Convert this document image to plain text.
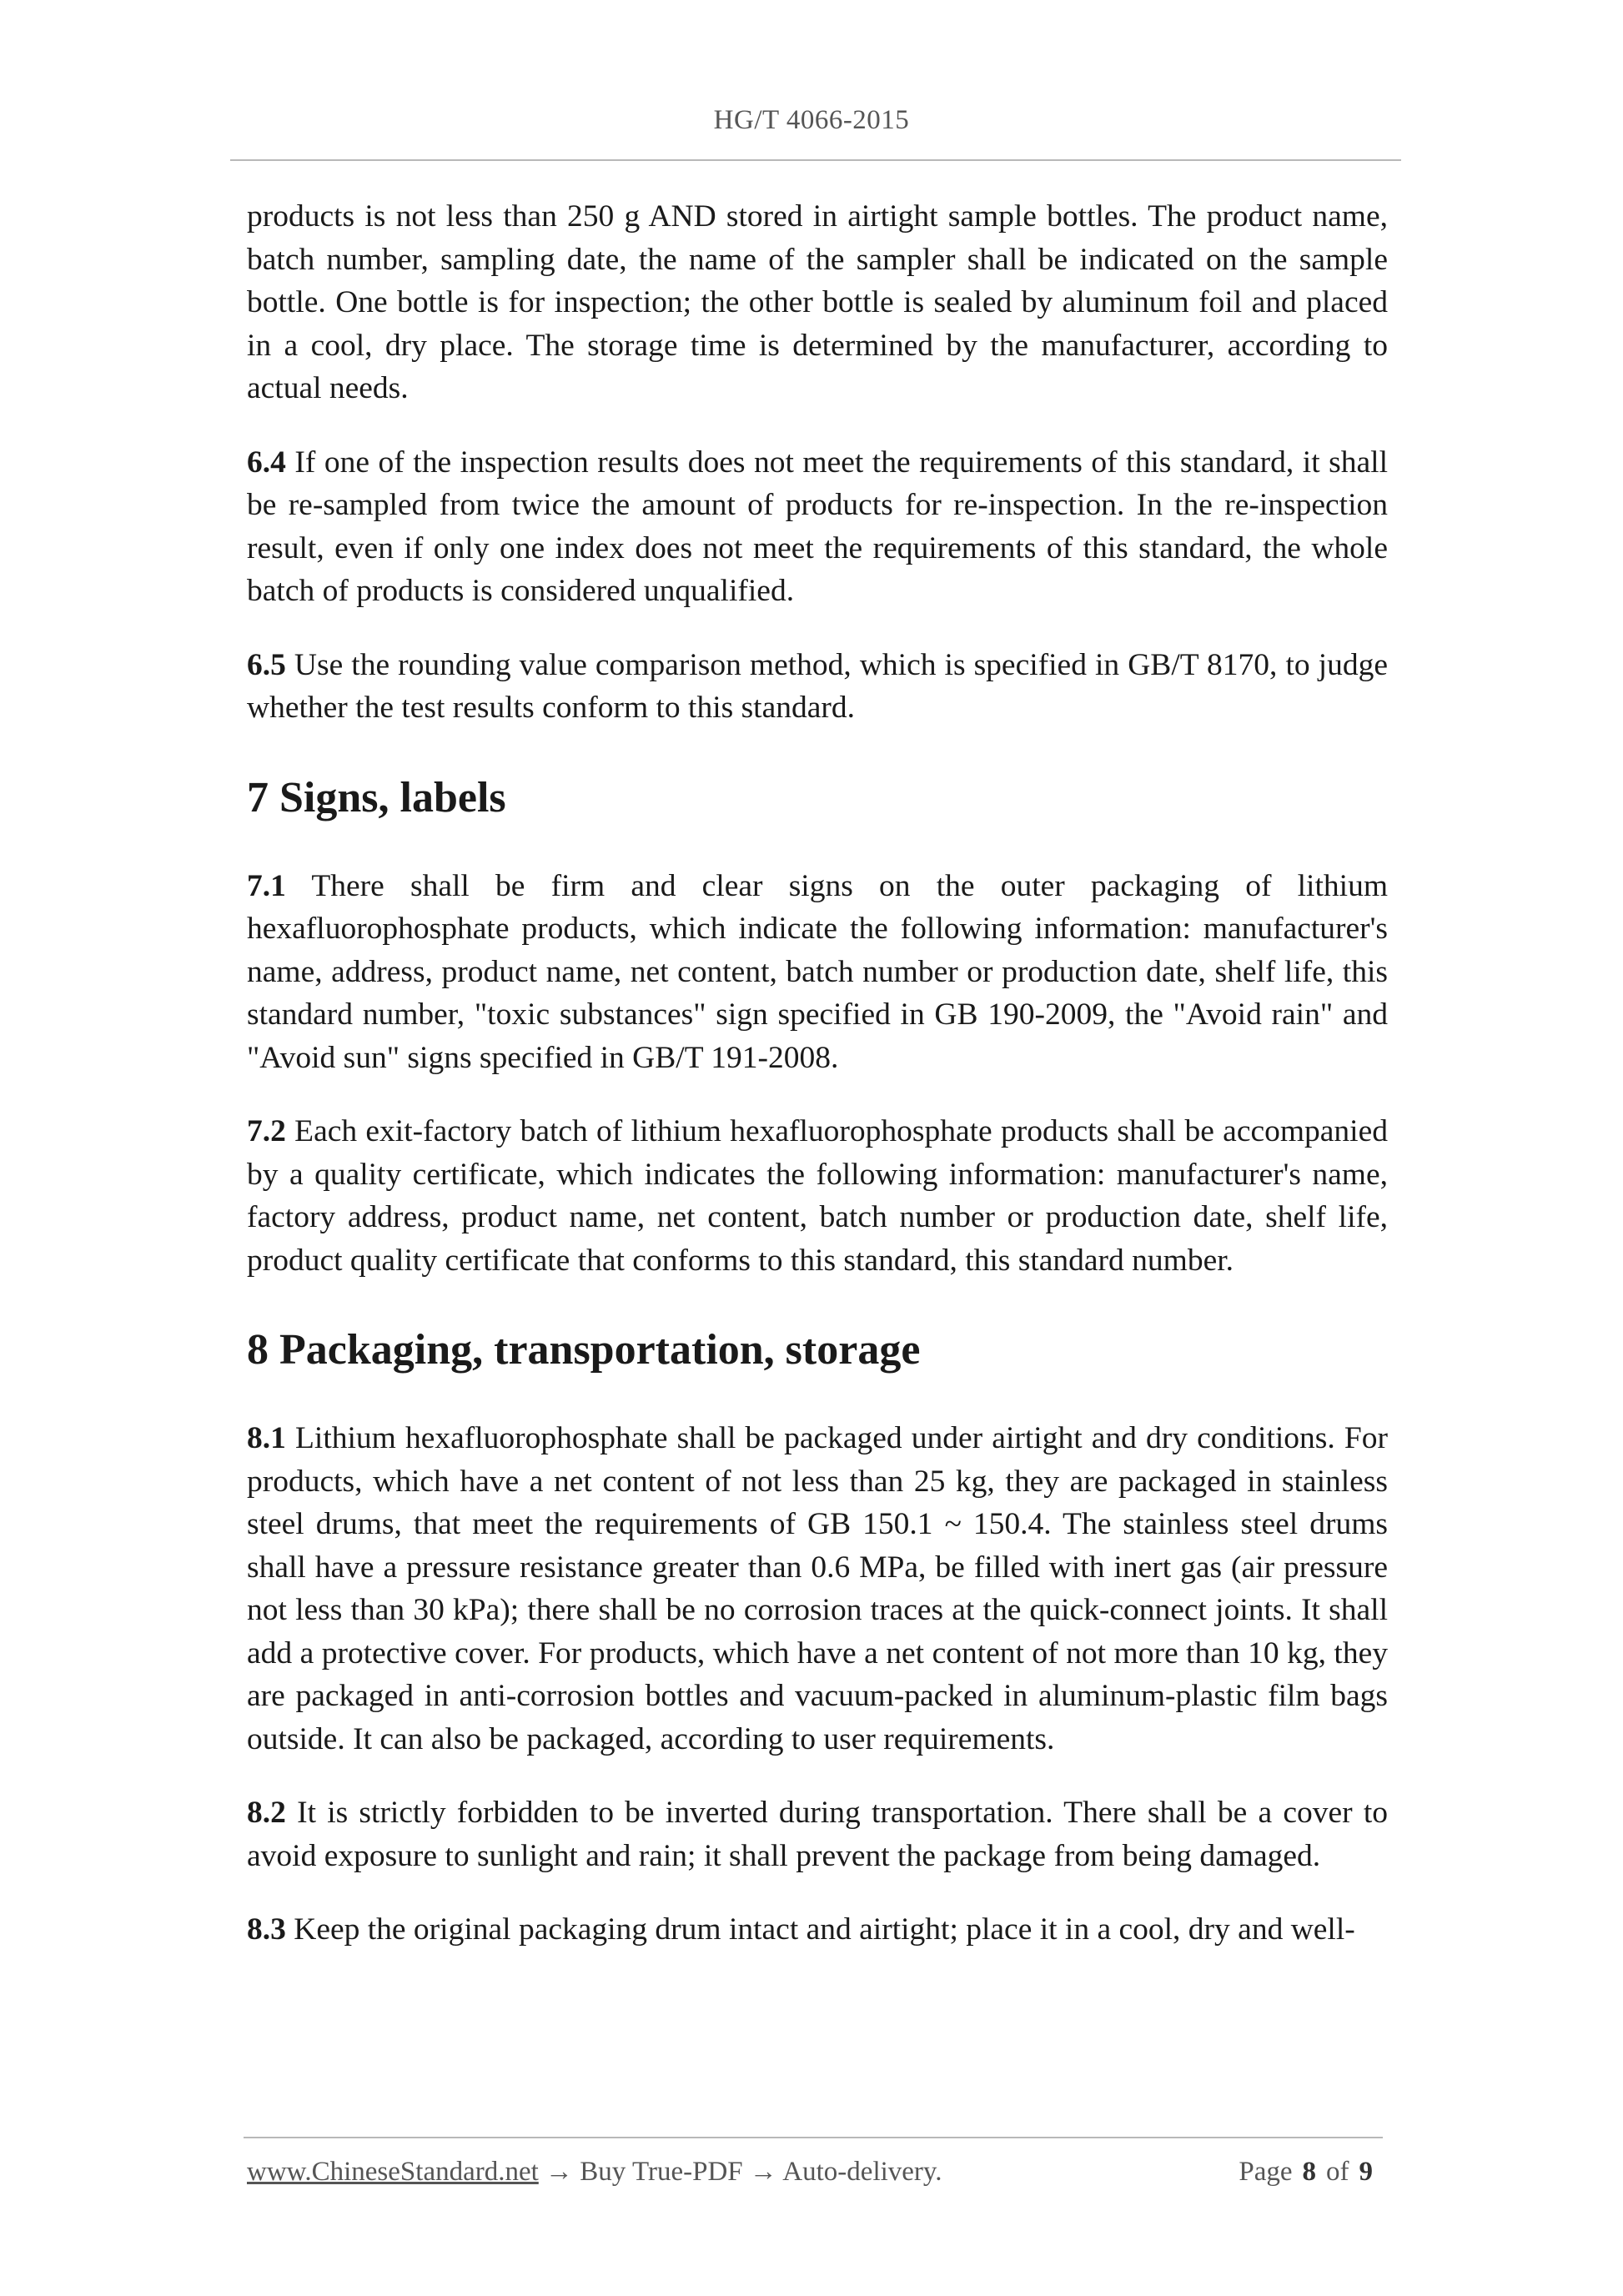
HG/T 4066-2015

products is not less than 250 g AND stored in airtight sample bottles. The product name, batch number, sampling date, the name of the sampler shall be indicated on the sample bottle. One bottle is for inspection; the other bottle is sealed by aluminum foil and placed in a cool, dry place. The storage time is determined by the manufacturer, according to actual needs.

6.4 If one of the inspection results does not meet the requirements of this standard, it shall be re-sampled from twice the amount of products for re-inspection. In the re-inspection result, even if only one index does not meet the requirements of this standard, the whole batch of products is considered unqualified.

6.5 Use the rounding value comparison method, which is specified in GB/T 8170, to judge whether the test results conform to this standard.

7 Signs, labels

7.1 There shall be firm and clear signs on the outer packaging of lithium hexafluorophosphate products, which indicate the following information: manufacturer's name, address, product name, net content, batch number or production date, shelf life, this standard number, "toxic substances" sign specified in GB 190-2009, the "Avoid rain" and "Avoid sun" signs specified in GB/T 191-2008.

7.2 Each exit-factory batch of lithium hexafluorophosphate products shall be accompanied by a quality certificate, which indicates the following information: manufacturer's name, factory address, product name, net content, batch number or production date, shelf life, product quality certificate that conforms to this standard, this standard number.

8 Packaging, transportation, storage

8.1 Lithium hexafluorophosphate shall be packaged under airtight and dry conditions. For products, which have a net content of not less than 25 kg, they are packaged in stainless steel drums, that meet the requirements of GB 150.1 ~ 150.4. The stainless steel drums shall have a pressure resistance greater than 0.6 MPa, be filled with inert gas (air pressure not less than 30 kPa); there shall be no corrosion traces at the quick-connect joints. It shall add a protective cover. For products, which have a net content of not more than 10 kg, they are packaged in anti-corrosion bottles and vacuum-packed in aluminum-plastic film bags outside. It can also be packaged, according to user requirements.

8.2 It is strictly forbidden to be inverted during transportation. There shall be a cover to avoid exposure to sunlight and rain; it shall prevent the package from being damaged.

8.3 Keep the original packaging drum intact and airtight; place it in a cool, dry and well-

www.ChineseStandard.net → Buy True-PDF → Auto-delivery.	Page 8 of 9
